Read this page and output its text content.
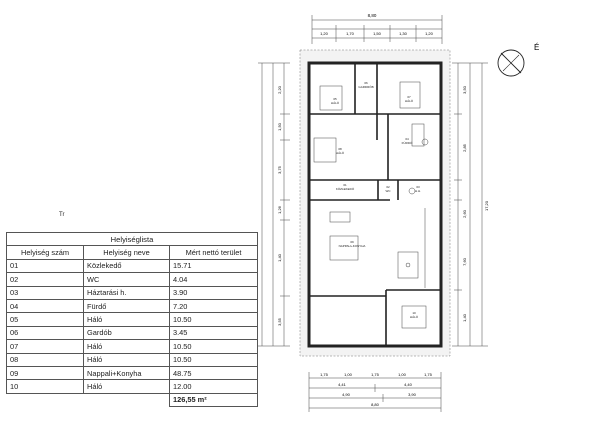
8,80
1,20	1,70	1,50	1,30	1,20
É
05
HÁLÓ
06
GARDRÓB
07
HÁLÓ
08
HÁLÓ
04
FÜRDŐ
01
KÖZLEKEDŐ	02
WC
03
H.H.
09
NAPPALI+KONYHA
10
HÁLÓ
2,20
1,50
3,75
1,26
1,40
3,55
3,50
2,85
2,60
7,60
1,40
17,20
1,75	1,00	1,75	1,00	1,75
4,41	4,40
4,90	3,90
8,80
Tr
Helyiséglista		
Helyiség szám	Helyiség neve	Mért nettó terület
01	Közlekedő	15.71
02	WC	4.04
03	Háztarási h.	3.90
04	Fürdő	7.20
05	Háló	10.50
06	Gardób	3.45
07	Háló	10.50
08	Háló	10.50
09	Nappali+Konyha	48.75
10	Háló	12.00
		126,55 m²
